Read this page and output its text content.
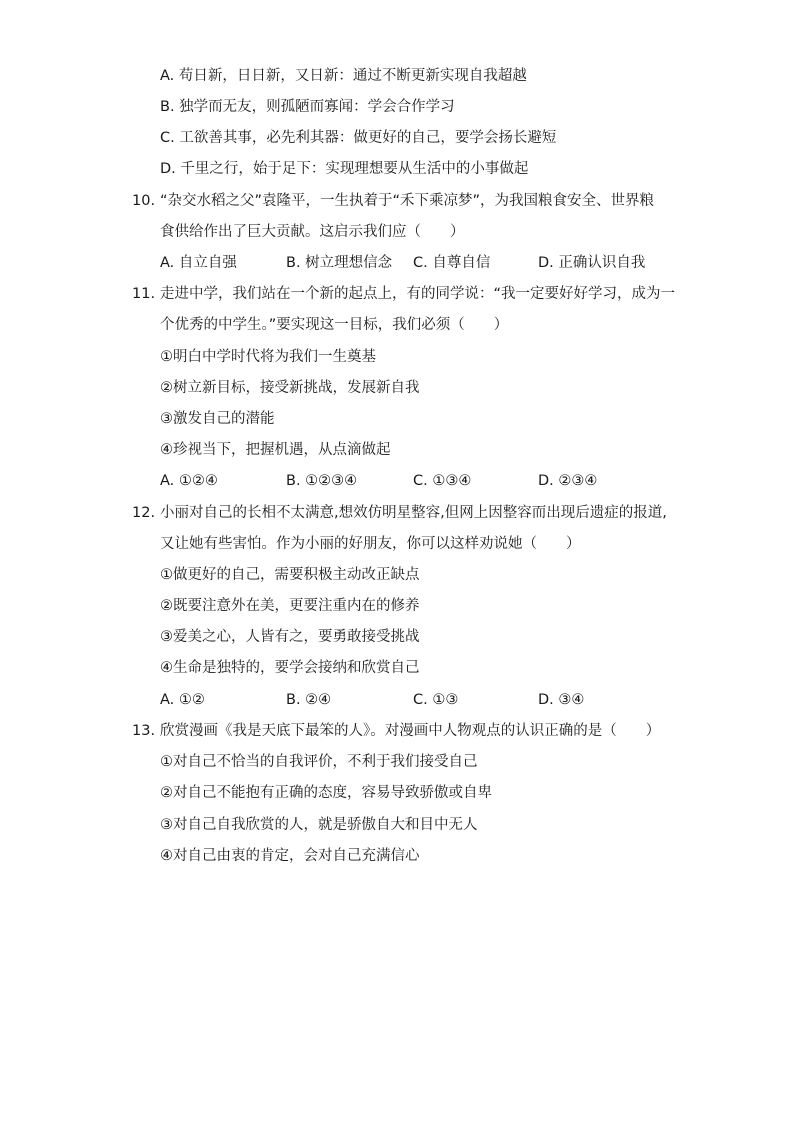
A. 苟日新，日日新，又日新：通过不断更新实现自我超越
B. 独学而无友，则孤陋而寡闻：学会合作学习
C. 工欲善其事，必先利其器：做更好的自己，要学会扬长避短
D. 千里之行，始于足下：实现理想要从生活中的小事做起
10. “杂交水稻之父”袁隆平，一生执着于“禾下乘凉梦”，为我国粮食安全、世界粮
食供给作出了巨大贡献。这启示我们应（　　）
A. 自立自强	B. 树立理想信念 C. 自尊自信	D. 正确认识自我
11. 走进中学，我们站在一个新的起点上，有的同学说：“我一定要好好学习，成为一
个优秀的中学生。”要实现这一目标，我们必须（　　）
①明白中学时代将为我们一生奠基
②树立新目标，接受新挑战，发展新自我
③激发自己的潜能
④珍视当下，把握机遇，从点滴做起
A. ①②④	B. ①②③④	C. ①③④	D. ②③④
12. 小丽对自己的长相不太满意,想效仿明星整容,但网上因整容而出现后遗症的报道,
又让她有些害怕。作为小丽的好朋友，你可以这样劝说她（　　）
①做更好的自己，需要积极主动改正缺点
②既要注意外在美，更要注重内在的修养
③爱美之心，人皆有之，要勇敢接受挑战
④生命是独特的，要学会接纳和欣赏自己
A. ①②	B. ②④	C. ①③	D. ③④
13. 欣赏漫画《我是天底下最笨的人》。对漫画中人物观点的认识正确的是（　　）
①对自己不恰当的自我评价，不利于我们接受自己
②对自己不能抱有正确的态度，容易导致骄傲或自卑
③对自己自我欣赏的人，就是骄傲自大和目中无人
④对自己由衷的肯定，会对自己充满信心
